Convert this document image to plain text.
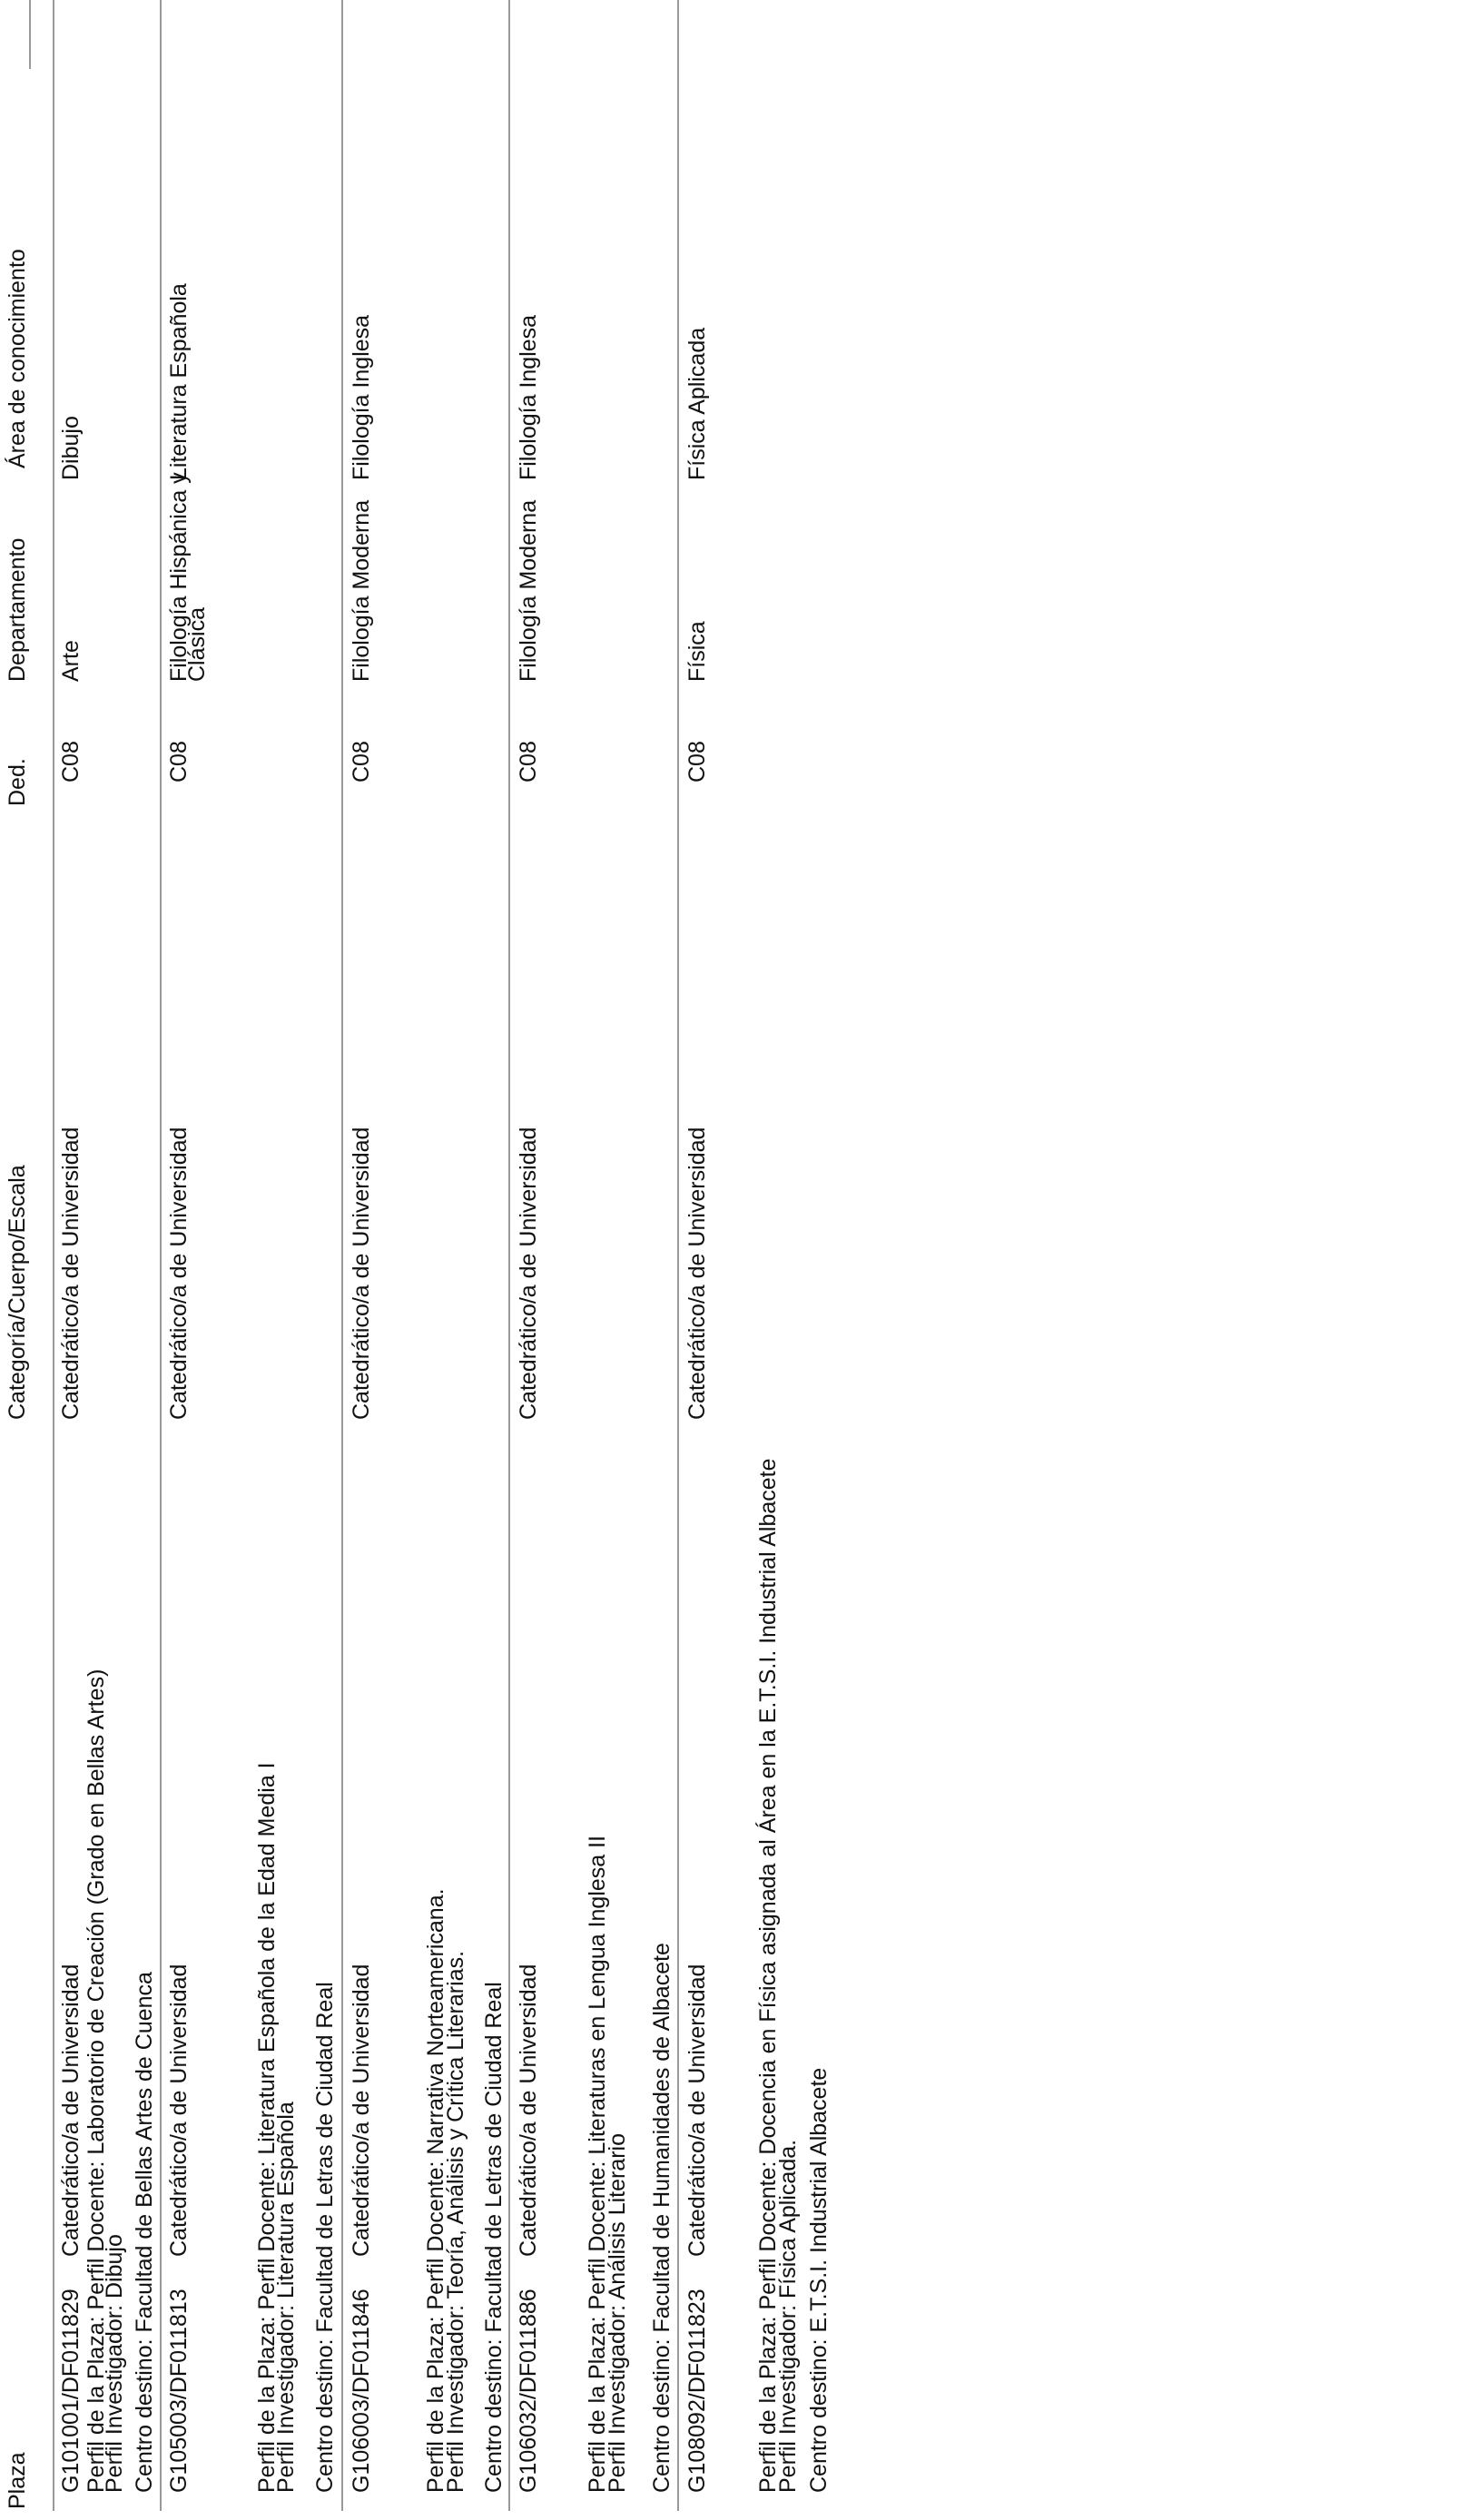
Plaza
Categoría/Cuerpo/Escala
Ded.
Departamento
Área de conocimiento
G101001/DF011829
Catedrático/a de Universidad
Catedrático/a de Universidad
C08
Arte
Dibujo
Perfil de la Plaza: Perfil Docente: Laboratorio de Creación (Grado en Bellas Artes)
Perfil Investigador: Dibujo Centro destino: Facultad de Bellas Artes de Cuenca G105003/DF011813
Catedrático/a de Universidad
Catedrático/a de Universidad
C08
Filología Hispánica y
Clásica
Literatura Española
Perfil de la Plaza: Perfil Docente: Literatura Española de la Edad Media I
Perfil Investigador: Literatura Española Centro destino: Facultad de Letras de Ciudad Real G106003/DF011846
Catedrático/a de Universidad
Catedrático/a de Universidad
C08
Filología Moderna
Filología Inglesa
Perfil de la Plaza: Perfil Docente: Narrativa Norteamericana.
Perfil Investigador: Teoría, Análisis y Crítica Literarias. Centro destino: Facultad de Letras de Ciudad Real G106032/DF011886
Catedrático/a de Universidad
Catedrático/a de Universidad
C08
Filología Moderna
Filología Inglesa
Perfil de la Plaza: Perfil Docente: Literaturas en Lengua Inglesa II
Perfil Investigador: Análisis Literario Centro destino: Facultad de Humanidades de Albacete G108092/DF011823
Catedrático/a de Universidad
Catedrático/a de Universidad
C08
Física
Física Aplicada
Perfil de la Plaza: Perfil Docente: Docencia en Física asignada al Área en la E.T.S.I. Industrial Albacete
Perfil Investigador: Física Aplicada. Centro destino: E.T.S.I. Industrial Albacete
